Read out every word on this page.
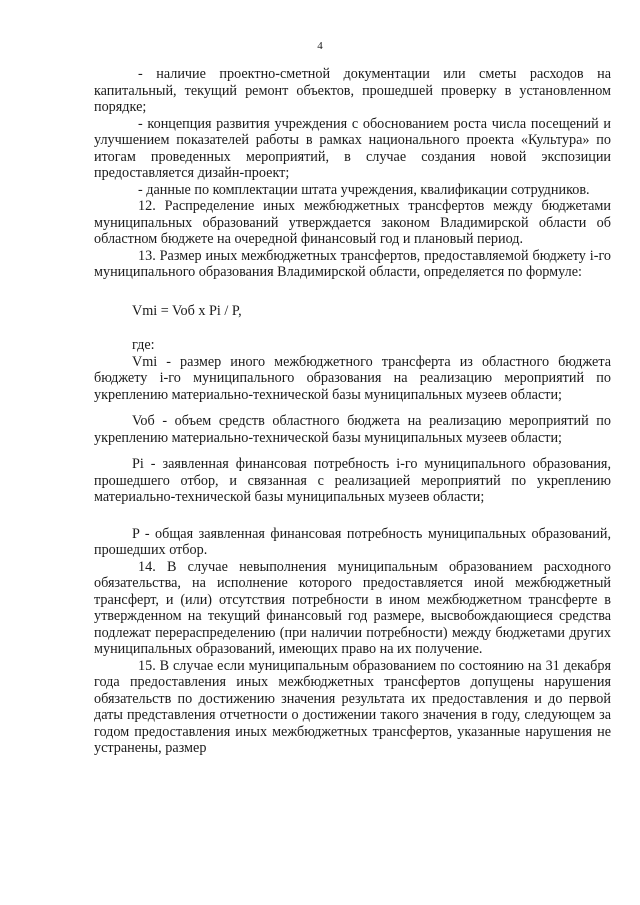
4

- наличие проектно-сметной документации или сметы расходов на капитальный, текущий ремонт объектов, прошедшей проверку в установленном порядке;

- концепция развития учреждения с обоснованием роста числа посещений и улучшением показателей работы в рамках национального проекта «Культура» по итогам проведенных мероприятий, в случае создания новой экспозиции предоставляется дизайн-проект;

- данные по комплектации штата учреждения, квалификации сотрудников.

12. Распределение иных межбюджетных трансфертов между бюджетами муниципальных образований утверждается законом Владимирской области об областном бюджете на очередной финансовый год и плановый период.

13. Размер иных межбюджетных трансфертов, предоставляемой бюджету i-го муниципального образования Владимирской области, определяется по формуле:

Vmi = Voб x Pi / P,

где:

Vmi - размер иного межбюджетного трансферта из областного бюджета бюджету i-го муниципального образования на реализацию мероприятий по укреплению материально-технической базы муниципальных музеев области;

Voб - объем средств областного бюджета на реализацию мероприятий по укреплению материально-технической базы муниципальных музеев области;

Pi - заявленная финансовая потребность i-го муниципального образования, прошедшего отбор, и связанная с реализацией мероприятий по укреплению материально-технической базы муниципальных музеев области;

P - общая заявленная финансовая потребность муниципальных образований, прошедших отбор.

14. В случае невыполнения муниципальным образованием расходного обязательства, на исполнение которого предоставляется иной межбюджетный трансферт, и (или) отсутствия потребности в ином межбюджетном трансферте в утвержденном на текущий финансовый год размере, высвобождающиеся средства подлежат перераспределению (при наличии потребности) между бюджетами других муниципальных образований, имеющих право на их получение.

15. В случае если муниципальным образованием по состоянию на 31 декабря года предоставления иных межбюджетных трансфертов допущены нарушения обязательств по достижению значения результата их предоставления и до первой даты представления отчетности о достижении такого значения в году, следующем за годом предоставления иных межбюджетных трансфертов, указанные нарушения не устранены, размер
